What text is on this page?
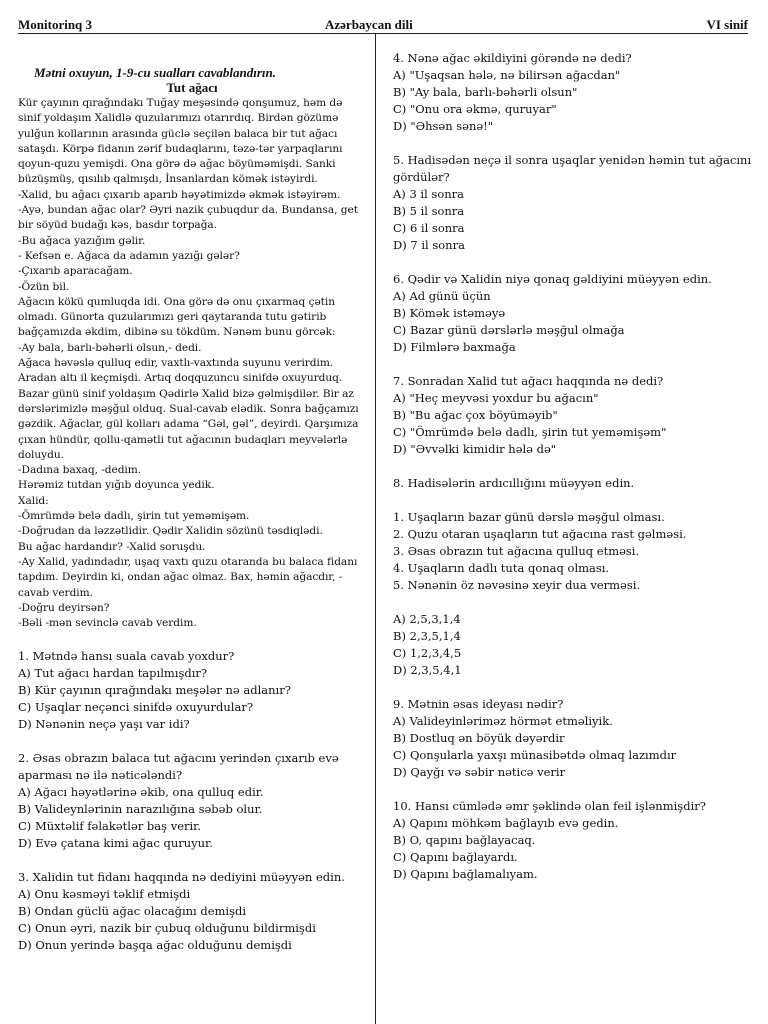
Monitorinq 3	Azərbaycan dili	VI sinif

Mətni oxuyun, 1-9-cu sualları cavablandırın.

Tut ağacı

Kür çayının qırağındakı Tuğay meşəsində qonşumuz, həm də sinif yoldaşım Xalidlə quzularımızı otarırdıq. Birdən gözümə yulğun kollarının arasında güclə seçilən balaca bir tut ağacı sataşdı. Körpə fidanın zərif budaqlarını, təzə-tər yarpaqlarını qoyun-quzu yemişdi. Ona görə də ağac böyüməmişdi. Sanki büzüşmüş, qısılıb qalmışdı, İnsanlardan kömək istəyirdi.

-Xalid, bu ağacı çıxarıb aparıb həyətimizdə əkmək istəyirəm.

-Ayə, bundan ağac olar? Əyri nazik çubuqdur da. Bundansa, get bir söyüd budağı kəs, basdır torpağa.

-Bu ağaca yazığım gəlir.

- Kefsən e. Ağaca da adamın yazığı gələr?

-Çıxarıb aparacağam.

-Özün bil.

Ağacın kökü qumluqda idi. Ona görə də onu çıxarmaq çətin olmadı. Günorta quzularımızı geri qaytaranda tutu gətirib bağçamızda əkdim, dibinə su tökdüm. Nənəm bunu görcək:

-Ay bala, barlı-bəhərli olsun,- dedi.

Ağaca həvəslə qulluq edir, vaxtlı-vaxtında suyunu verirdim. Aradan altı il keçmişdi. Artıq doqquzuncu sinifdə oxuyurduq. Bazar günü sinif yoldaşım Qədirlə Xalid bizə gəlmişdilər. Bir az dərslərimizlə məşğul olduq. Sual-cavab elədik. Sonra bağçamızı gəzdik. Ağaclar, gül kolları adama “Gəl, gəl”, deyirdi. Qarşımıza çıxan hündür, qollu-qamətli tut ağacının budaqları meyvələrlə doluydu.

-Dadına baxaq, -dedim.

Hərəmiz tutdan yığıb doyunca yedik.

Xalid:

-Ömrümdə belə dadlı, şirin tut yeməmişəm.

-Doğrudan da ləzzətlidir. Qədir Xalidin sözünü təsdiqlədi.

Bu ağac hardandır? -Xalid soruşdu.

-Ay Xalid, yadındadır, uşaq vaxtı quzu otaranda bu balaca fidanı tapdım. Deyirdin ki, ondan ağac olmaz. Bax, həmin ağacdır, -cavab verdim.

-Doğru deyirsən?

-Bəli -mən sevinclə cavab verdim.

1. Mətndə hansı suala cavab yoxdur?

A) Tut ağacı hardan tapılmışdır?

B) Kür çayının qırağındakı meşələr nə adlanır?

C) Uşaqlar neçənci sinifdə oxuyurdular?

D) Nənənin neçə yaşı var idi?

2. Əsas obrazın balaca tut ağacını yerindən çıxarıb evə aparması nə ilə nəticələndi?

A) Ağacı həyətlərinə əkib, ona qulluq edir.

B) Valideynlərinin narazılığına səbəb olur.

C) Müxtəlif fəlakətlər baş verir.

D) Evə çatana kimi ağac quruyur.

3. Xalidin tut fidanı haqqında nə dediyini müəyyən edin.

A) Onu kəsməyi təklif etmişdi

B) Ondan güclü ağac olacağını demişdi

C) Onun əyri, nazik bir çubuq olduğunu bildirmişdi

D) Onun yerində başqa ağac olduğunu demişdi

4. Nənə ağac əkildiyini görəndə nə dedi?

A) "Uşaqsan hələ, nə bilirsən ağacdan"

B) "Ay bala, barlı-bəhərli olsun"

C) "Onu ora əkmə, quruyar"

D) "Əhsən sənə!"

5. Hadisədən neçə il sonra uşaqlar yenidən həmin tut ağacını gördülər?

A) 3 il sonra

B) 5 il sonra

C) 6 il sonra

D) 7 il sonra

6. Qədir və Xalidin niyə qonaq gəldiyini müəyyən edin.

A) Ad günü üçün

B) Kömək istəməyə

C) Bazar günü dərslərlə məşğul olmağa

D) Filmlərə baxmağa

7. Sonradan Xalid tut ağacı haqqında nə dedi?

A) "Heç meyvəsi yoxdur bu ağacın"

B) "Bu ağac çox böyüməyib"

C) "Ömrümdə belə dadlı, şirin tut yeməmişəm"

D) "Əvvəlki kimidir hələ də"

8. Hadisələrin ardıcıllığını müəyyən edin.

1. Uşaqların bazar günü dərslə məşğul olması.

2. Quzu otaran uşaqların tut ağacına rast gəlməsi.

3. Əsas obrazın tut ağacına qulluq etməsi.

4. Uşaqların dadlı tuta qonaq olması.

5. Nənənin öz nəvəsinə xeyir dua verməsi.

A) 2,5,3,1,4

B) 2,3,5,1,4

C) 1,2,3,4,5

D) 2,3,5,4,1

9. Mətnin əsas ideyası nədir?

A) Valideyinləriməz hörmət etməliyik.

B) Dostluq ən böyük dəyərdir

C) Qonşularla yaxşı münasibətdə olmaq lazımdır

D) Qayğı və səbir nəticə verir

10. Hansı cümlədə əmr şəklində olan feil işlənmişdir?

A) Qapını möhkəm bağlayıb evə gedin.

B) O, qapını bağlayacaq.

C) Qapını bağlayardı.

D) Qapını bağlamalıyam.
